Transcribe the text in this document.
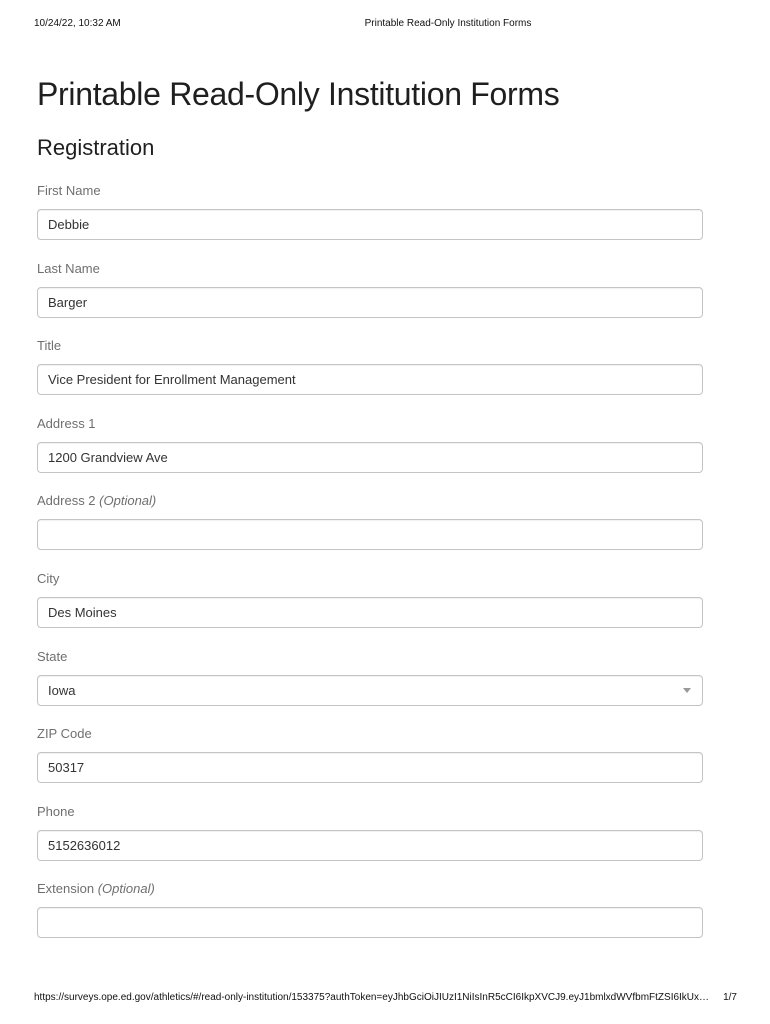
10/24/22, 10:32 AM	Printable Read-Only Institution Forms
Printable Read-Only Institution Forms
Registration
First Name
Debbie
Last Name
Barger
Title
Vice President for Enrollment Management
Address 1
1200 Grandview Ave
Address 2 (Optional)
City
Des Moines
State
Iowa
ZIP Code
50317
Phone
5152636012
Extension (Optional)
https://surveys.ope.ed.gov/athletics/#/read-only-institution/153375?authToken=eyJhbGciOiJIUzI1NiIsInR5cCI6IkpXVCJ9.eyJ1bmlxdWVfbmFtZSI6IkUx…	1/7
